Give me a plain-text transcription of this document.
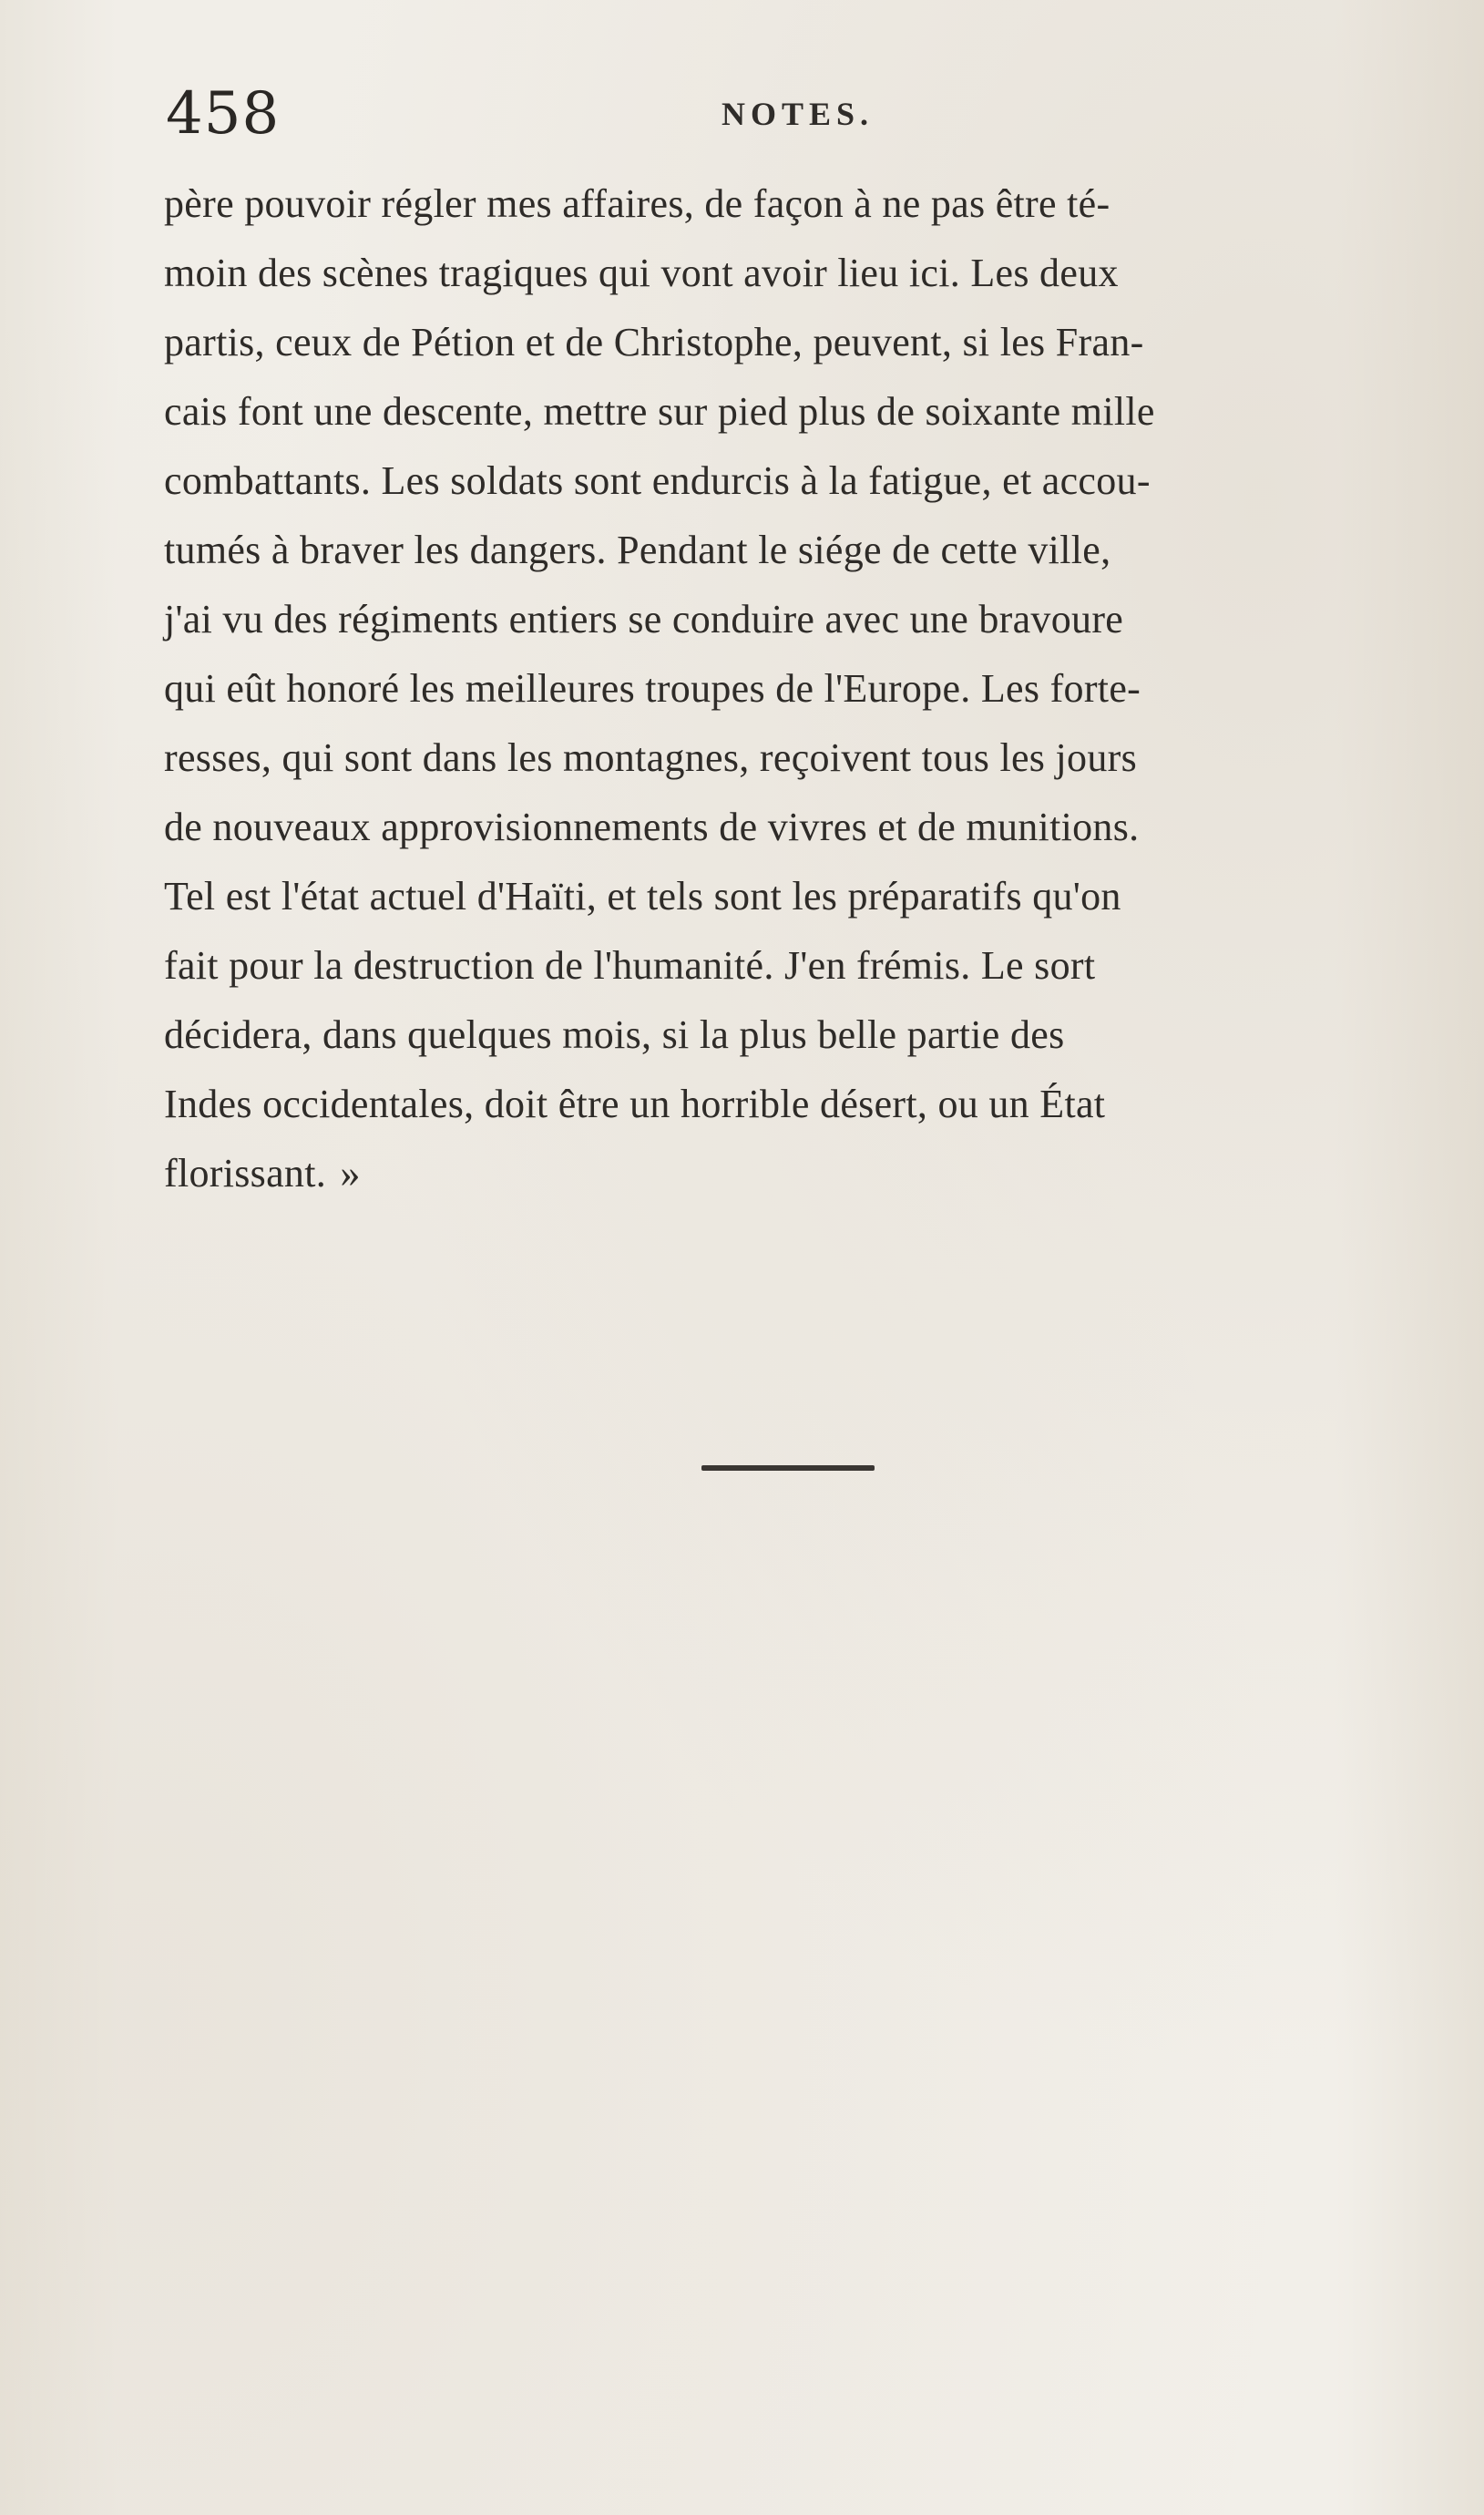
458	NOTES.
père pouvoir régler mes affaires, de façon à ne pas être té-
moin des scènes tragiques qui vont avoir lieu ici. Les deux
partis, ceux de Pétion et de Christophe, peuvent, si les Fran-
cais font une descente, mettre sur pied plus de soixante mille
combattants. Les soldats sont endurcis à la fatigue, et accou-
tumés à braver les dangers. Pendant le siége de cette ville,
j'ai vu des régiments entiers se conduire avec une bravoure
qui eût honoré les meilleures troupes de l'Europe. Les forte-
resses, qui sont dans les montagnes, reçoivent tous les jours
de nouveaux approvisionnements de vivres et de munitions.
Tel est l'état actuel d'Haïti, et tels sont les préparatifs qu'on
fait pour la destruction de l'humanité. J'en frémis. Le sort
décidera, dans quelques mois, si la plus belle partie des
Indes occidentales, doit être un horrible désert, ou un État
florissant. »
